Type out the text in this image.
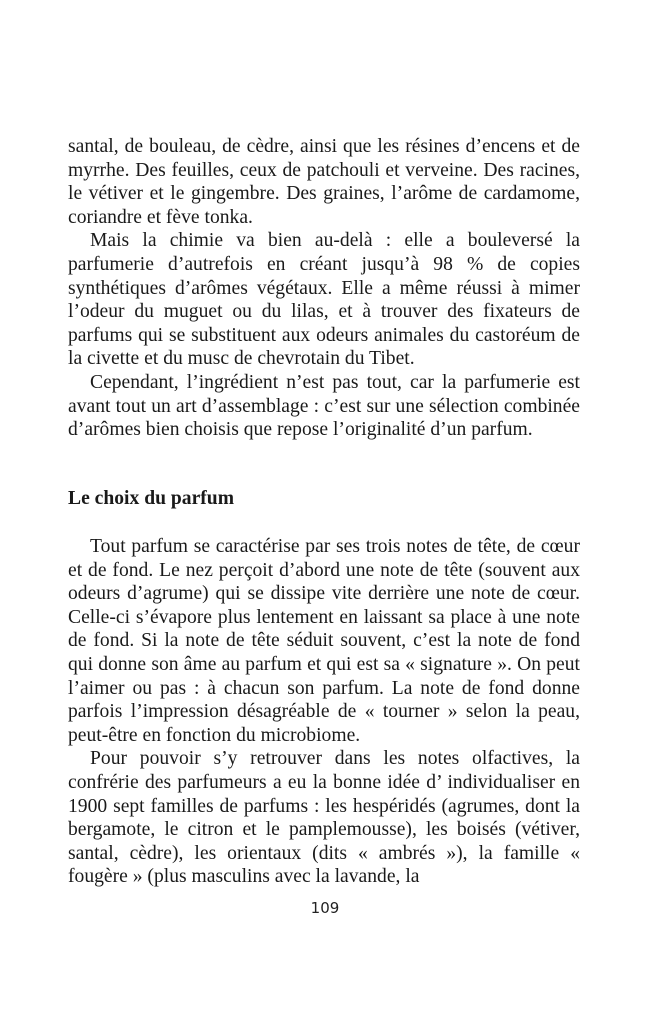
santal, de bouleau, de cèdre, ainsi que les résines d’encens et de myrrhe. Des feuilles, ceux de patchouli et verveine. Des racines, le vétiver et le gingembre. Des graines, l’arôme de cardamome, coriandre et fève tonka.

Mais la chimie va bien au-delà : elle a bouleversé la parfumerie d’autrefois en créant jusqu’à 98 % de copies synthétiques d’arômes végétaux. Elle a même réussi à mimer l’odeur du muguet ou du lilas, et à trouver des fixateurs de parfums qui se substituent aux odeurs animales du castoréum de la civette et du musc de chevrotain du Tibet.

Cependant, l’ingrédient n’est pas tout, car la parfumerie est avant tout un art d’assemblage : c’est sur une sélection combinée d’arômes bien choisis que repose l’originalité d’un parfum.

Le choix du parfum

Tout parfum se caractérise par ses trois notes de tête, de cœur et de fond. Le nez perçoit d’abord une note de tête (souvent aux odeurs d’agrume) qui se dissipe vite derrière une note de cœur. Celle-ci s’évapore plus lentement en laissant sa place à une note de fond. Si la note de tête séduit souvent, c’est la note de fond qui donne son âme au parfum et qui est sa « signature ». On peut l’aimer ou pas : à chacun son parfum. La note de fond donne parfois l’impression désagréable de « tourner » selon la peau, peut-être en fonction du microbiome.

Pour pouvoir s’y retrouver dans les notes olfactives, la confrérie des parfumeurs a eu la bonne idée d’ individualiser en 1900 sept familles de parfums : les hespéridés (agrumes, dont la bergamote, le citron et le pamplemousse), les boisés (vétiver, santal, cèdre), les orientaux (dits « ambrés »), la famille « fougère » (plus masculins avec la lavande, la

109
